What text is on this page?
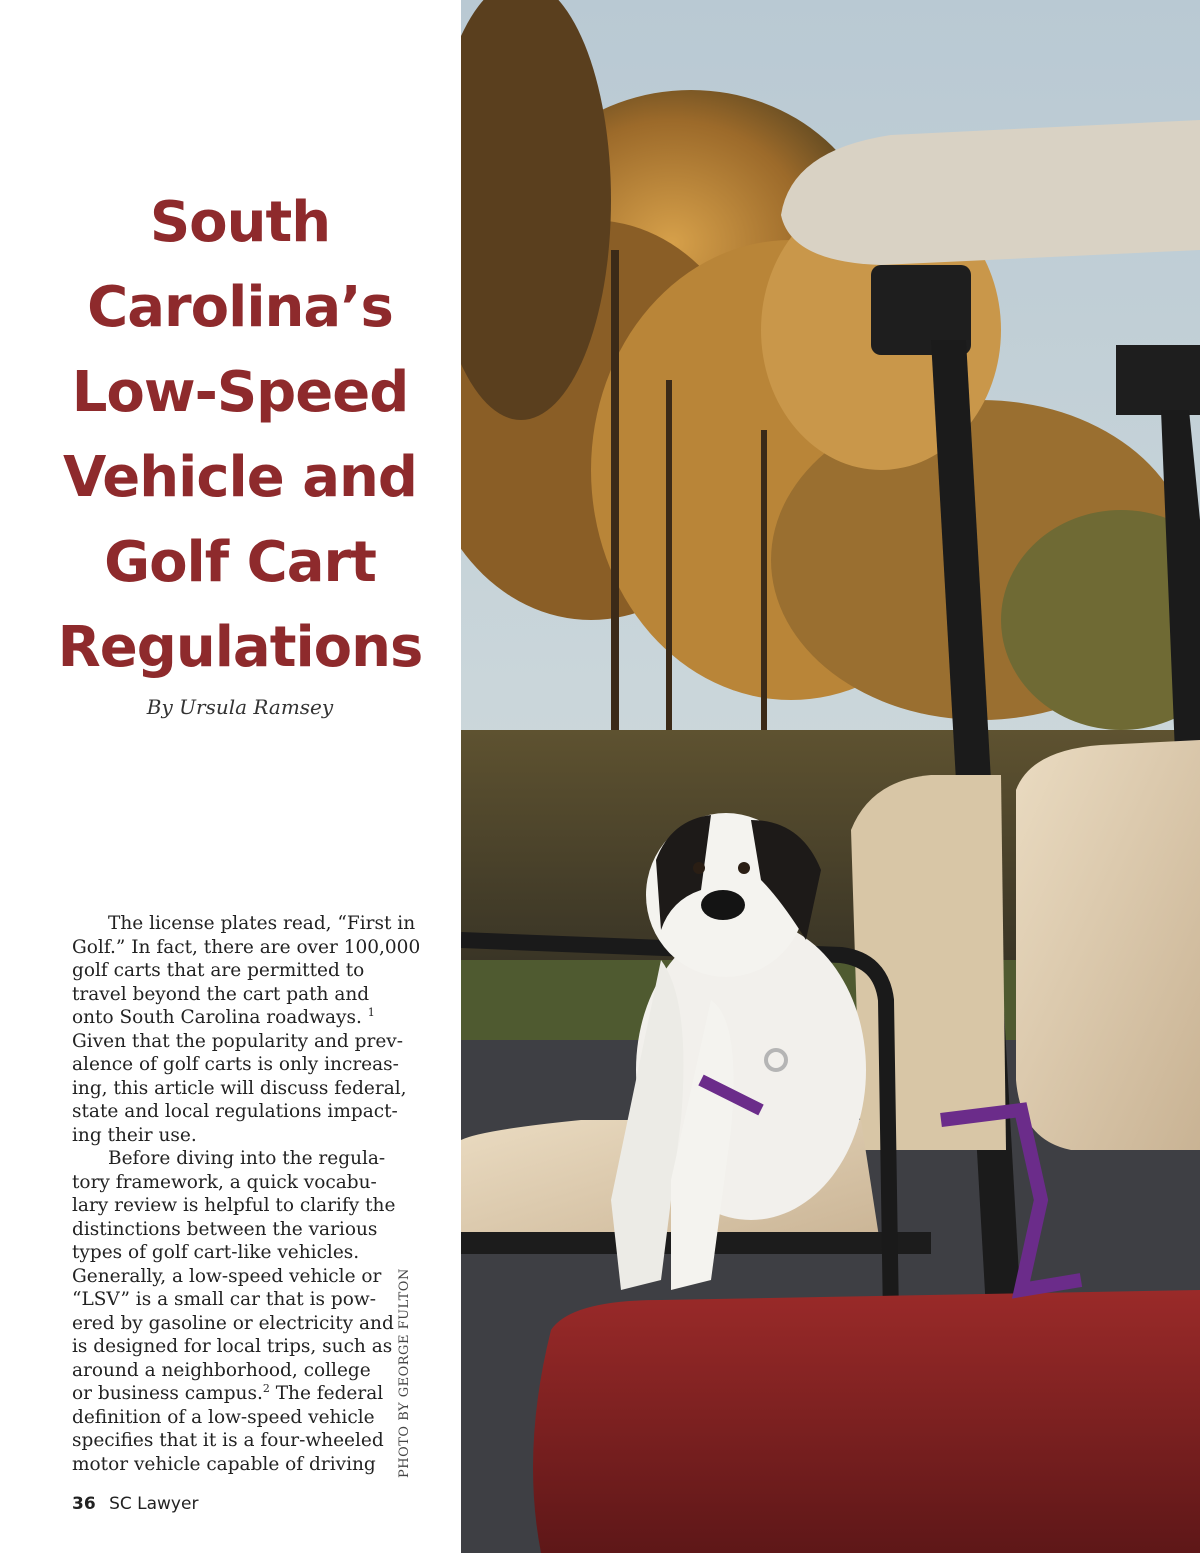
South
Carolina’s
Low-Speed
Vehicle and
Golf Cart
Regulations
By Ursula Ramsey
The license plates read, “First in
Golf.” In fact, there are over 100,000
golf carts that are permitted to
travel beyond the cart path and
onto South Carolina roadways. $^1$
Given that the popularity and prev-
alence of golf carts is only increas-
ing, this article will discuss federal,
state and local regulations impact-
ing their use.
Before diving into the regula-
tory framework, a quick vocabu-
lary review is helpful to clarify the
distinctions between the various
types of golf cart-like vehicles.
Generally, a low-speed vehicle or
“LSV” is a small car that is pow-
ered by gasoline or electricity and
is designed for local trips, such as
around a neighborhood, college
or business campus.$^2$ The federal
definition of a low-speed vehicle
specifies that it is a four-wheeled
motor vehicle capable of driving	PHOTO BY GEORGE FULTON
36 SC Lawyer
